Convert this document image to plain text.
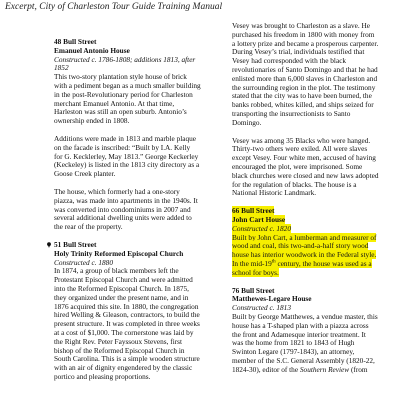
Excerpt, City of Charleston Tour Guide Training Manual
48 Bull Street
Emanuel Antonio House
Constructed c. 1786-1808; additions 1813, after
1852
This two-story plantation style house of brick
with a pediment began as a much smaller building
in the post-Revolutionary period for Charleston
merchant Emanuel Antonio. At that time,
Harleston was still an open suburb. Antonio’s
ownership ended in 1808.
Additions were made in 1813 and marble plaque
on the facade is inscribed: “Built by I.A. Kelly
for G. Kecklerley, May 1813.” George Keckerley
(Keckeley) is listed in the 1813 city directory as a
Goose Creek planter.
The house, which formerly had a one-story
piazza, was made into apartments in the 1940s. It
was converted into condominiums in 2007 and
several additional dwelling units were added to
the rear of the property.
51 Bull Street
Holy Trinity Reformed Episcopal Church
Constructed c. 1880
In 1874, a group of black members left the
Protestant Episcopal Church and were admitted
into the Reformed Episcopal Church. In 1875,
they organized under the present name, and in
1876 acquired this site. In 1880, the congregation
hired Welling & Gleason, contractors, to build the
present structure. It was completed in three weeks
at a cost of $1,000. The cornerstone was laid by
the Right Rev. Peter Fayssoux Stevens, first
bishop of the Reformed Episcopal Church in
South Carolina. This is a simple wooden structure
with an air of dignity engendered by the classic
portico and pleasing proportions.
Vesey was brought to Charleston as a slave. He
purchased his freedom in 1800 with money from
a lottery prize and became a prosperous carpenter.
During Vesey’s trial, individuals testified that
Vesey had corresponded with the black
revolutionaries of Santo Domingo and that he had
enlisted more than 6,000 slaves in Charleston and
the surrounding region in the plot. The testimony
stated that the city was to have been burned, the
banks robbed, whites killed, and ships seized for
transporting the insurrectionists to Santo
Domingo.
Vesey was among 35 Blacks who were hanged.
Thirty-two others were exiled. All were slaves
except Vesey. Four white men, accused of having
encouraged the plot, were imprisoned. Some
black churches were closed and new laws adopted
for the regulation of blacks. The house is a
National Historic Landmark.
66 Bull Street
John Cart House
Constructed c. 1820
Built by John Cart, a lumberman and measurer of
wood and coal, this two-and-a-half story wood
house has interior woodwork in the Federal style.
In the mid-19th century, the house was used as a
school for boys.
76 Bull Street
Matthewes-Legare House
Constructed c. 1813
Built by George Matthewes, a vendue master, this
house has a T-shaped plan with a piazza across
the front and Adamesque interior treatment. It
was the home from 1821 to 1843 of Hugh
Swinton Legare (1797-1843), an attorney,
member of the S.C. General Assembly (1820-22,
1824-30), editor of the Southern Review (from
